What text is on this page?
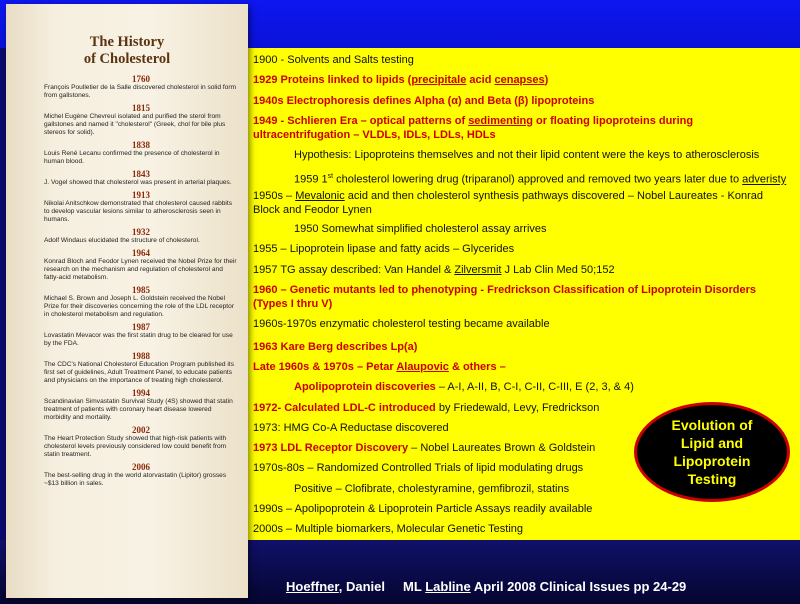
The History
of Cholesterol
1760
François Poulletier de la Salle discovered cholesterol in solid form from gallstones.
1815
Michel Eugène Chevreul isolated and purified the sterol from gallstones and named it "cholesterol" (Greek, chol for bile plus stereos for solid).
1838
Louis René Lecanu confirmed the presence of cholesterol in human blood.
1843
J. Vogel showed that cholesterol was present in arterial plaques.
1913
Nikolai Anitschkow demonstrated that cholesterol caused rabbits to develop vascular lesions similar to atherosclerosis seen in humans.
1932
Adolf Windaus elucidated the structure of cholesterol.
1964
Konrad Bloch and Feodor Lynen received the Nobel Prize for their research on the mechanism and regulation of cholesterol and fatty-acid metabolism.
1985
Michael S. Brown and Joseph L. Goldstein received the Nobel Prize for their discoveries concerning the role of the LDL receptor in cholesterol metabolism and regulation.
1987
Lovastatin Mevacor was the first statin drug to be cleared for use by the FDA.
1988
The CDC's National Cholesterol Education Program published its first set of guidelines, Adult Treatment Panel, to educate patients and physicians on the importance of treating high cholesterol.
1994
Scandinavian Simvastatin Survival Study (4S) showed that statin treatment of patients with coronary heart disease lowered morbidity and mortality.
2002
The Heart Protection Study showed that high-risk patients with cholesterol levels previously considered low could benefit from statin treatment.
2006
The best-selling drug in the world atorvastatin (Lipitor) grosses ~$13 billion in sales.
1900 - Solvents and Salts testing
1929 Proteins linked to lipids (precipitale acid cenapses)
1940s Electrophoresis defines Alpha (α) and Beta (β) lipoproteins
1949 - Schlieren Era – optical patterns of sedimenting or floating lipoproteins during ultracentrifugation – VLDLs, IDLs, LDLs, HDLs
Hypothesis: Lipoproteins themselves and not their lipid content were the keys to atherosclerosis
1959 1st cholesterol lowering drug (triparanol) approved and removed two years later due to adveristy
1950s – Mevalonic acid and then cholesterol synthesis pathways discovered – Nobel Laureates - Konrad Block and Feodor Lynen
1950 Somewhat simplified cholesterol assay arrives
1955 – Lipoprotein lipase and fatty acids – Glycerides
1957 TG assay described: Van Handel & Zilversmit J Lab Clin Med 50;152
1960 – Genetic mutants led to phenotyping - Fredrickson Classification of Lipoprotein Disorders (Types I thru V)
1960s-1970s enzymatic cholesterol testing became available
1963 Kare Berg describes Lp(a)
Late 1960s & 1970s – Petar Alaupovic & others –
Apolipoprotein discoveries – A-I, A-II, B, C-I, C-II, C-III, E (2, 3, & 4)
1972- Calculated LDL-C introduced by Friedewald, Levy, Fredrickson
1973: HMG Co-A Reductase discovered
1973 LDL Receptor Discovery – Nobel Laureates Brown & Goldstein
1970s-80s – Randomized Controlled Trials of lipid modulating drugs
Positive – Clofibrate, cholestyramine, gemfibrozil, statins
1990s – Apolipoprotein & Lipoprotein Particle Assays readily available
2000s – Multiple biomarkers, Molecular Genetic Testing
Evolution of
Lipid and
Lipoprotein
Testing
Hoeffner, Daniel ML Labline April 2008 Clinical Issues pp 24-29
